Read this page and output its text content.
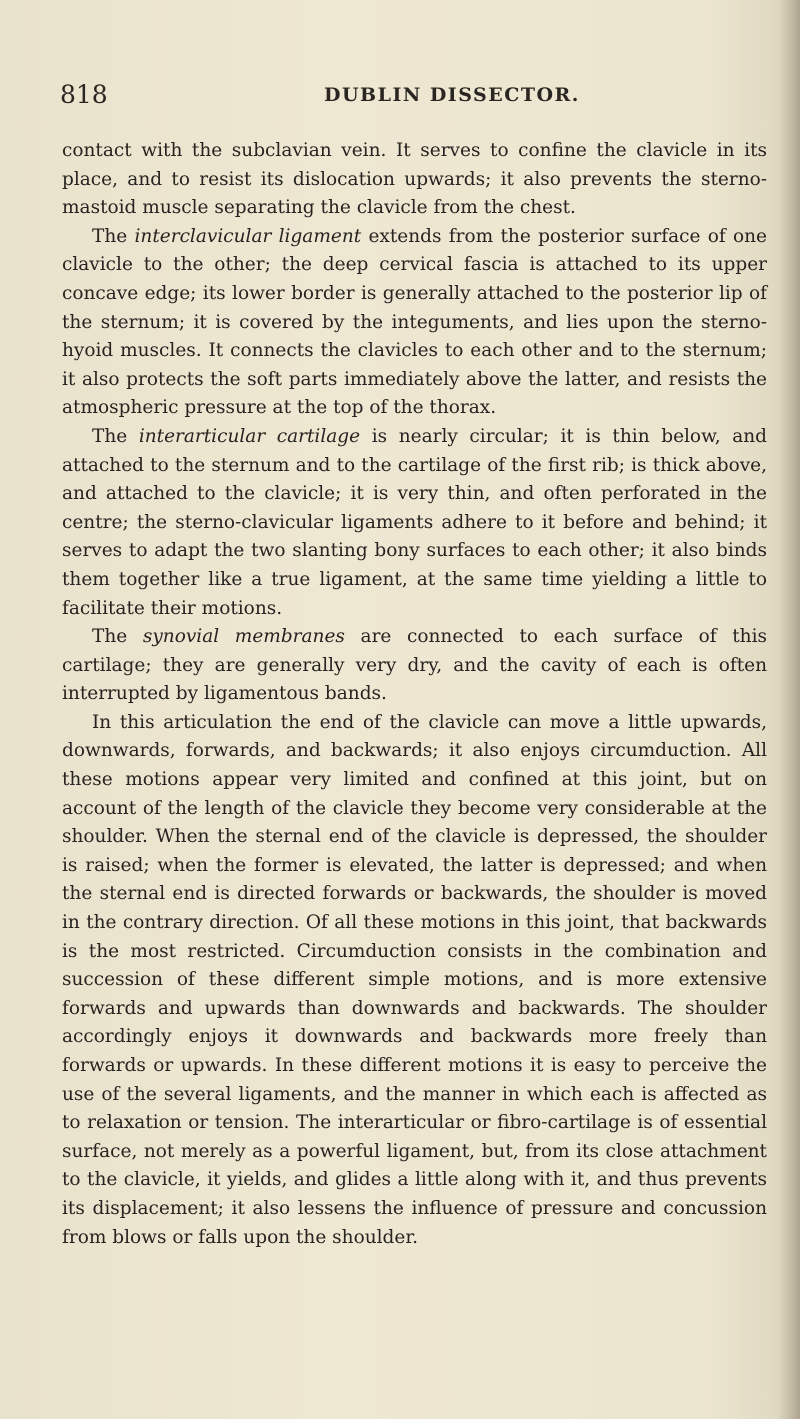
818	DUBLIN DISSECTOR.

contact with the subclavian vein. It serves to confine the clavicle in its place, and to resist its dislocation upwards; it also prevents the sterno-mastoid muscle separating the clavicle from the chest.

The interclavicular ligament extends from the posterior surface of one clavicle to the other; the deep cervical fascia is attached to its upper concave edge; its lower border is generally attached to the posterior lip of the sternum; it is covered by the integuments, and lies upon the sterno-hyoid muscles. It connects the clavicles to each other and to the sternum; it also protects the soft parts immediately above the latter, and resists the atmospheric pressure at the top of the thorax.

The interarticular cartilage is nearly circular; it is thin below, and attached to the sternum and to the cartilage of the first rib; is thick above, and attached to the clavicle; it is very thin, and often perforated in the centre; the sterno-clavicular ligaments adhere to it before and behind; it serves to adapt the two slanting bony surfaces to each other; it also binds them together like a true ligament, at the same time yielding a little to facilitate their motions.

The synovial membranes are connected to each surface of this cartilage; they are generally very dry, and the cavity of each is often interrupted by ligamentous bands.

In this articulation the end of the clavicle can move a little upwards, downwards, forwards, and backwards; it also enjoys circumduction. All these motions appear very limited and confined at this joint, but on account of the length of the clavicle they become very considerable at the shoulder. When the sternal end of the clavicle is depressed, the shoulder is raised; when the former is elevated, the latter is depressed; and when the sternal end is directed forwards or backwards, the shoulder is moved in the contrary direction. Of all these motions in this joint, that backwards is the most restricted. Circumduction consists in the combination and succession of these different simple motions, and is more extensive forwards and upwards than downwards and backwards. The shoulder accordingly enjoys it downwards and backwards more freely than forwards or upwards. In these different motions it is easy to perceive the use of the several ligaments, and the manner in which each is affected as to relaxation or tension. The interarticular or fibro-cartilage is of essential surface, not merely as a powerful ligament, but, from its close attachment to the clavicle, it yields, and glides a little along with it, and thus prevents its displacement; it also lessens the influence of pressure and concussion from blows or falls upon the shoulder.
